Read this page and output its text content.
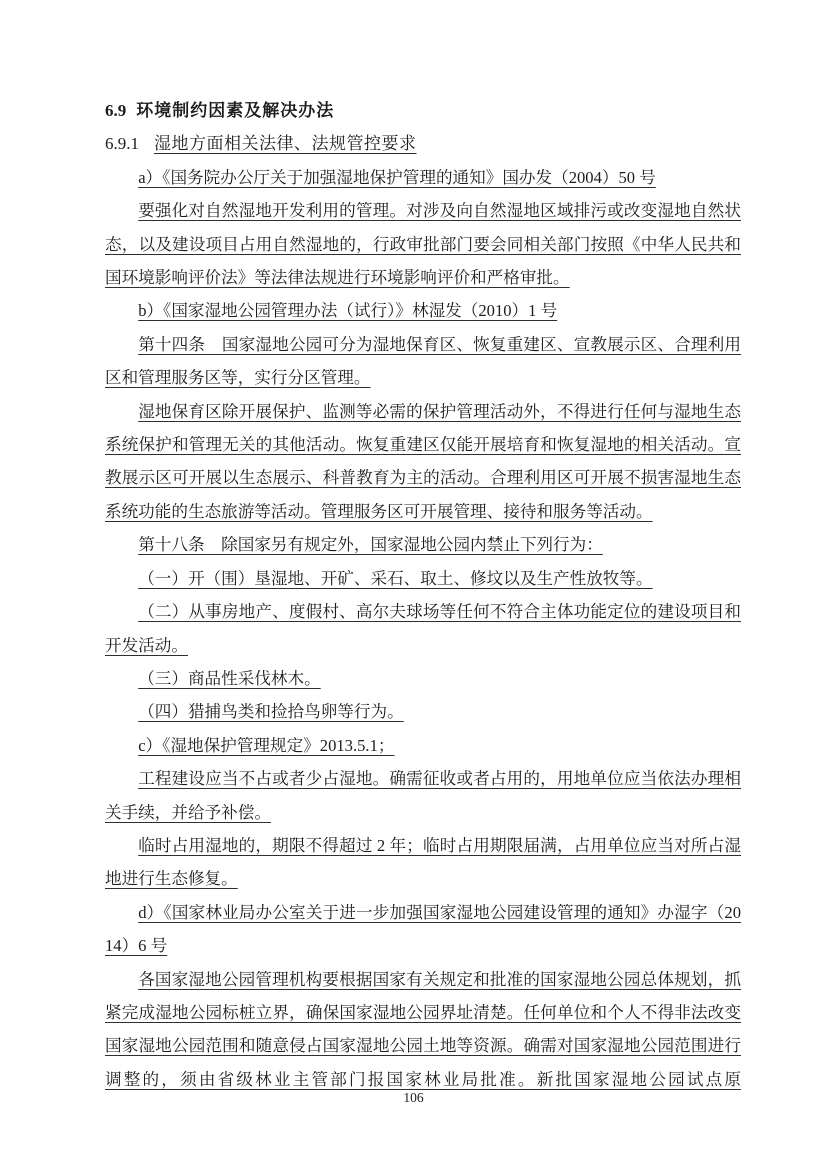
6.9 环境制约因素及解决办法
6.9.1 湿地方面相关法律、法规管控要求

a）《国务院办公厅关于加强湿地保护管理的通知》国办发（2004）50 号

要强化对自然湿地开发利用的管理。对涉及向自然湿地区域排污或改变湿地自然状态，以及建设项目占用自然湿地的，行政审批部门要会同相关部门按照《中华人民共和国环境影响评价法》等法律法规进行环境影响评价和严格审批。

b）《国家湿地公园管理办法（试行）》林湿发（2010）1 号

第十四条　国家湿地公园可分为湿地保育区、恢复重建区、宣教展示区、合理利用区和管理服务区等，实行分区管理。

湿地保育区除开展保护、监测等必需的保护管理活动外，不得进行任何与湿地生态系统保护和管理无关的其他活动。恢复重建区仅能开展培育和恢复湿地的相关活动。宣教展示区可开展以生态展示、科普教育为主的活动。合理利用区可开展不损害湿地生态系统功能的生态旅游等活动。管理服务区可开展管理、接待和服务等活动。

第十八条　除国家另有规定外，国家湿地公园内禁止下列行为：

（一）开（围）垦湿地、开矿、采石、取土、修坟以及生产性放牧等。

（二）从事房地产、度假村、高尔夫球场等任何不符合主体功能定位的建设项目和开发活动。

（三）商品性采伐林木。

（四）猎捕鸟类和捡拾鸟卵等行为。

c）《湿地保护管理规定》2013.5.1；

工程建设应当不占或者少占湿地。确需征收或者占用的，用地单位应当依法办理相关手续，并给予补偿。

临时占用湿地的，期限不得超过 2 年；临时占用期限届满，占用单位应当对所占湿地进行生态修复。

d）《国家林业局办公室关于进一步加强国家湿地公园建设管理的通知》办湿字（2014）6 号

各国家湿地公园管理机构要根据国家有关规定和批准的国家湿地公园总体规划，抓紧完成湿地公园标桩立界，确保国家湿地公园界址清楚。任何单位和个人不得非法改变国家湿地公园范围和随意侵占国家湿地公园土地等资源。确需对国家湿地公园范围进行调整的，须由省级林业主管部门报国家林业局批准。新批国家湿地公园试点原

106
